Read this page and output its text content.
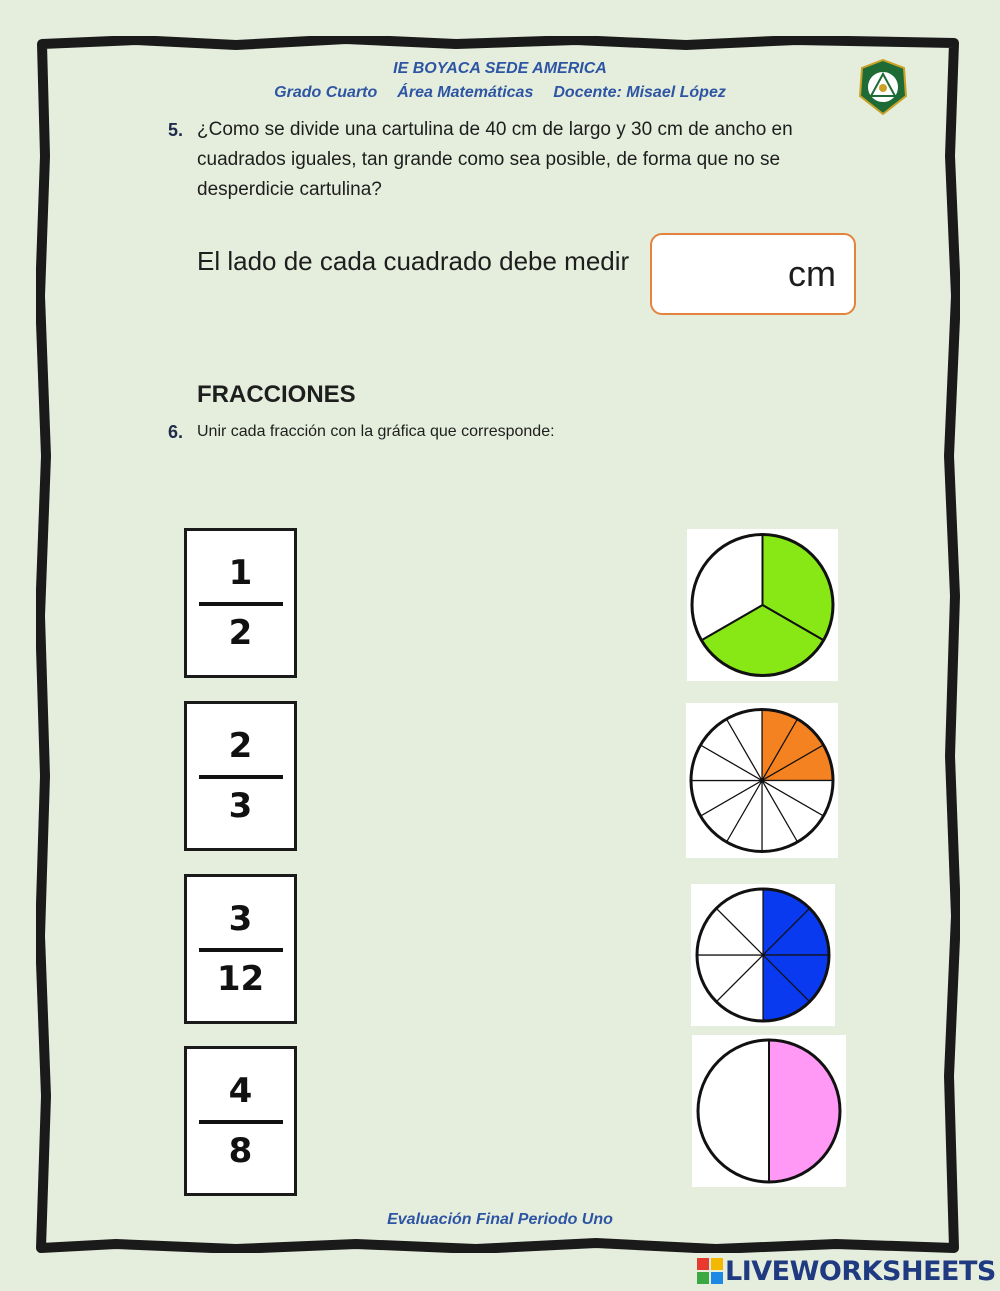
IE BOYACA SEDE AMERICA
Grado Cuarto Área Matemáticas Docente: Misael López
5. ¿Como se divide una cartulina de 40 cm de largo y 30 cm de ancho en
cuadrados iguales, tan grande como sea posible, de forma que no se
desperdicie cartulina?
El lado de cada cuadrado debe medir	cm
FRACCIONES
6. Unir cada fracción con la gráfica que corresponde:
1
2
2
3
3
12
4
8
Evaluación Final Periodo Uno
LIVEWORKSHEETS
